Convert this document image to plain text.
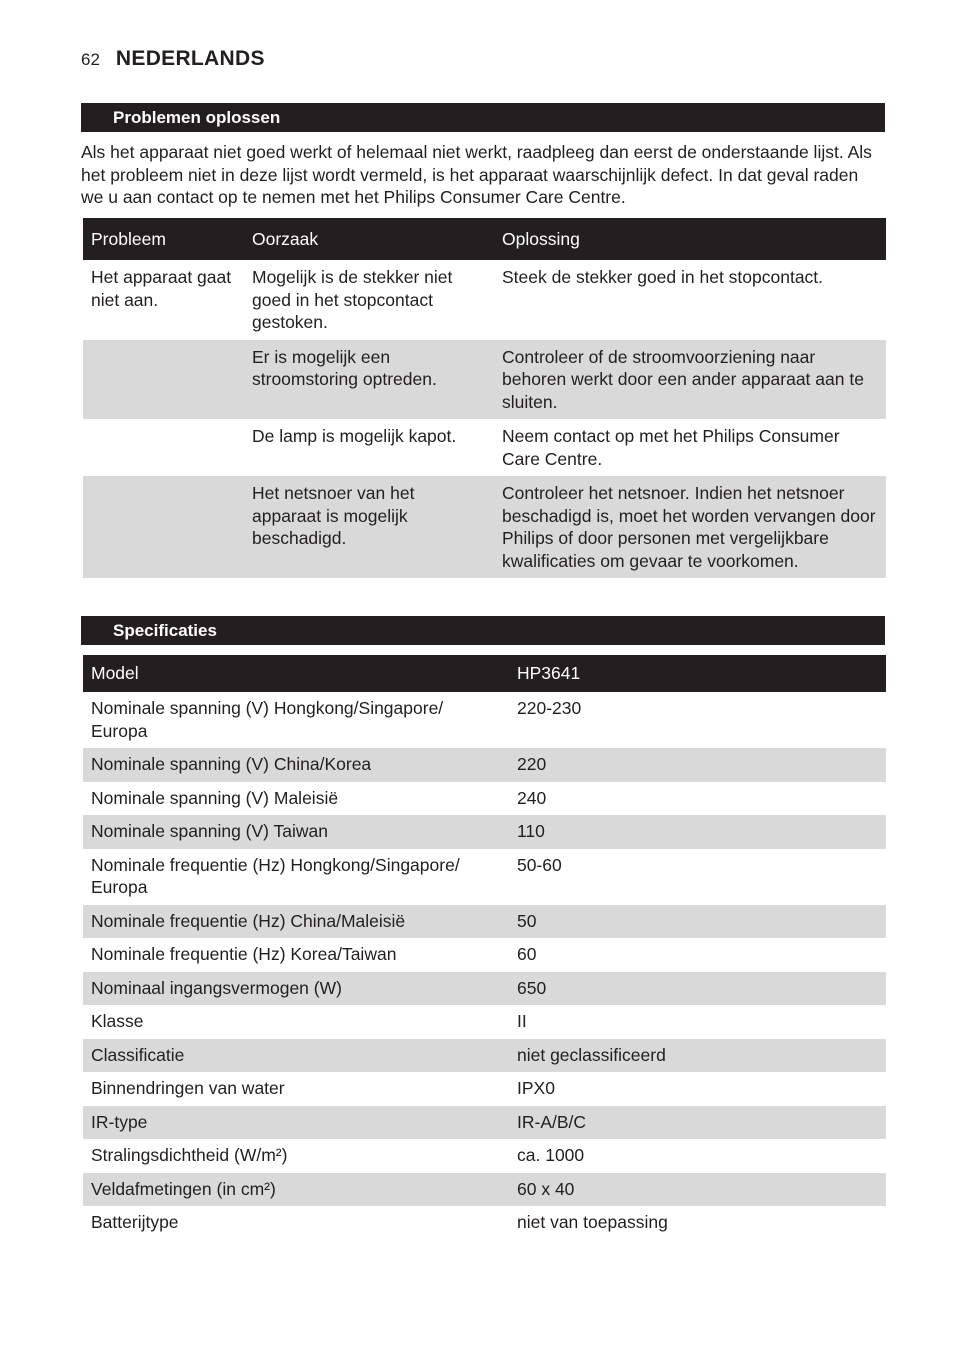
62 NEDERLANDS
Problemen oplossen

Als het apparaat niet goed werkt of helemaal niet werkt, raadpleeg dan eerst de onderstaande lijst. Als het probleem niet in deze lijst wordt vermeld, is het apparaat waarschijnlijk defect. In dat geval raden we u aan contact op te nemen met het Philips Consumer Care Centre.

Probleem	Oorzaak	Oplossing
Het apparaat gaat niet aan.	Mogelijk is de stekker niet goed in het stopcontact gestoken.	Steek de stekker goed in het stopcontact.
	Er is mogelijk een stroomstoring optreden.	Controleer of de stroomvoorziening naar behoren werkt door een ander apparaat aan te sluiten.
	De lamp is mogelijk kapot.	Neem contact op met het Philips Consumer Care Centre.
	Het netsnoer van het apparaat is mogelijk beschadigd.	Controleer het netsnoer. Indien het netsnoer beschadigd is, moet het worden vervangen door Philips of door personen met vergelijkbare kwalificaties om gevaar te voorkomen.
Specificaties
Model	HP3641
Nominale spanning (V) Hongkong/Singapore/ Europa	220-230
Nominale spanning (V) China/Korea	220
Nominale spanning (V) Maleisië	240
Nominale spanning (V) Taiwan	110
Nominale frequentie (Hz) Hongkong/Singapore/ Europa	50-60
Nominale frequentie (Hz) China/Maleisië	50
Nominale frequentie (Hz) Korea/Taiwan	60
Nominaal ingangsvermogen (W)	650
Klasse	II
Classificatie	niet geclassificeerd
Binnendringen van water	IPX0
IR-type	IR-A/B/C
Stralingsdichtheid (W/m²)	ca. 1000
Veldafmetingen (in cm²)	60 x 40
Batterijtype	niet van toepassing
